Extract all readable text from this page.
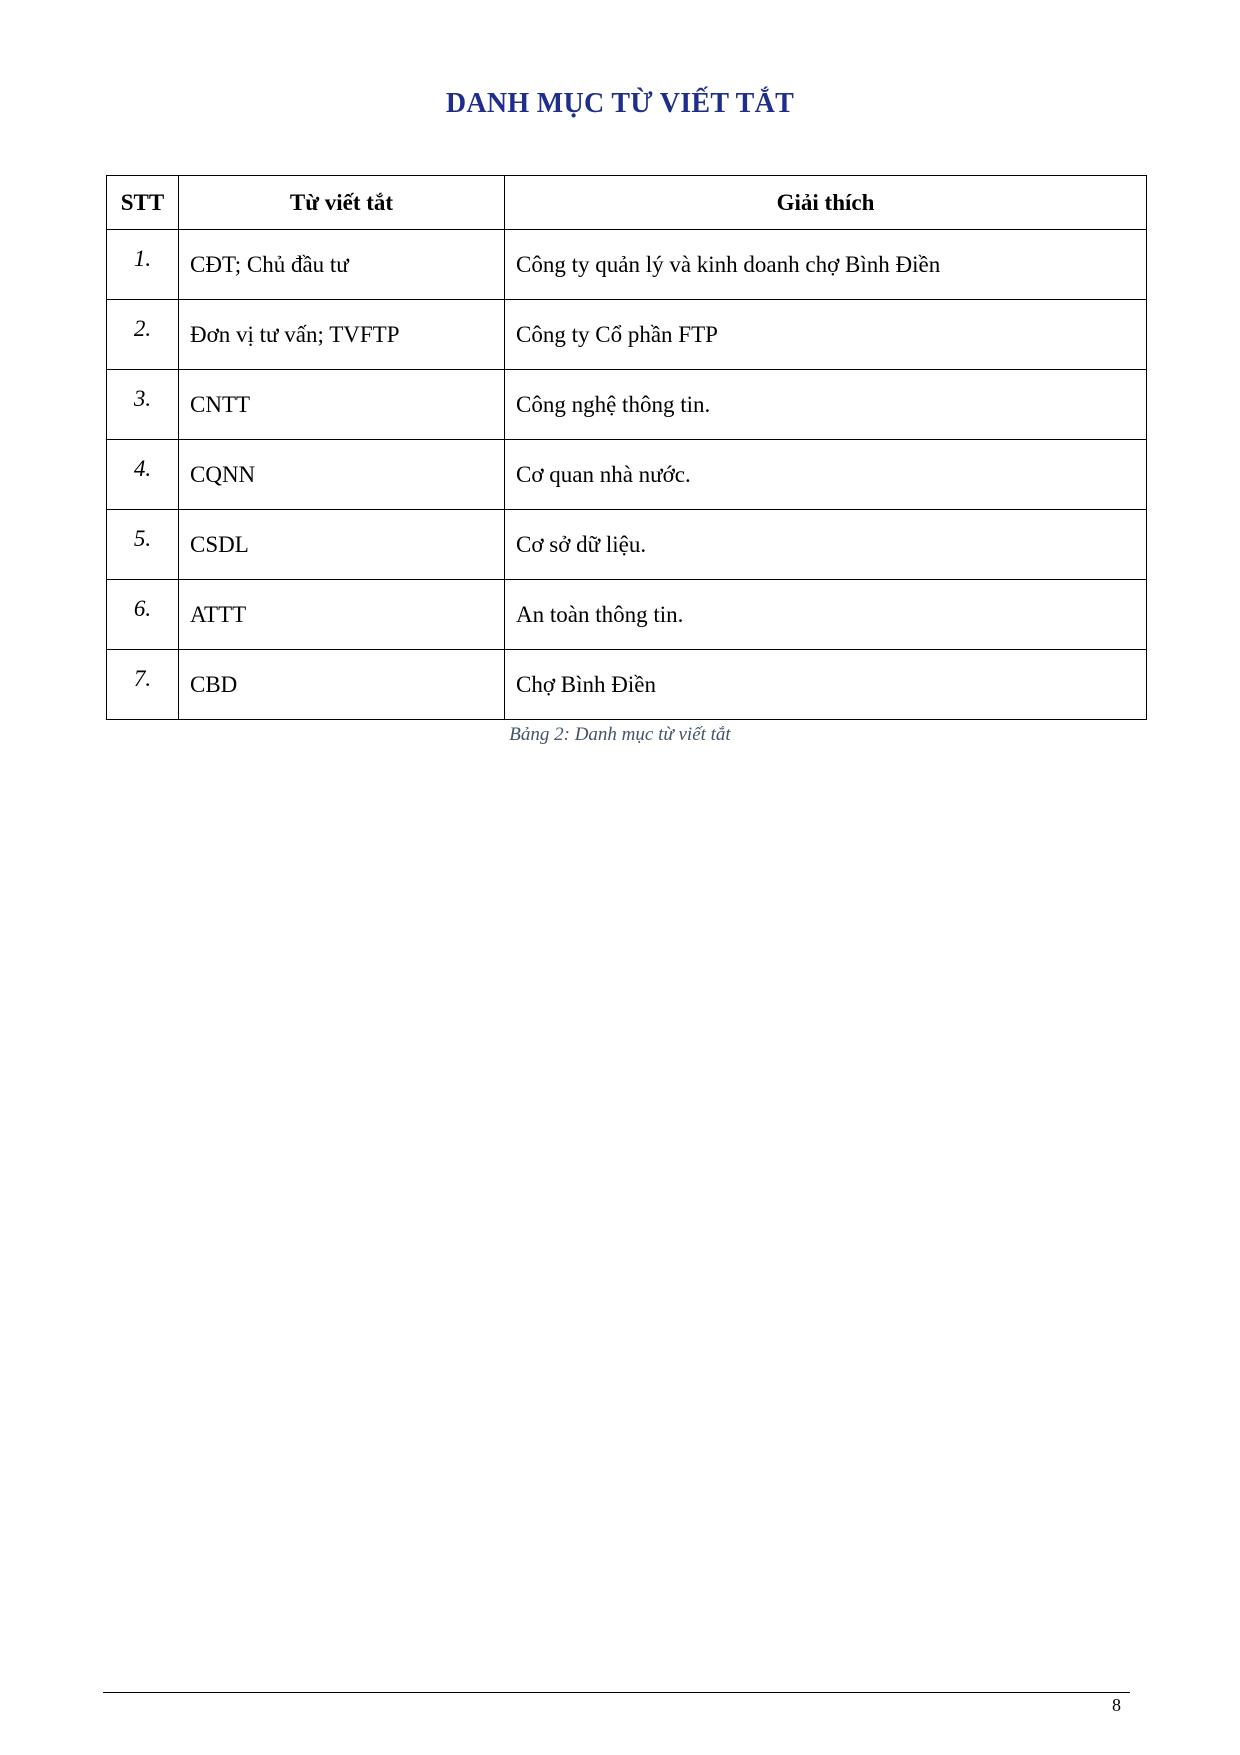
DANH MỤC TỪ VIẾT TẮT
STT	Từ viết tắt	Giải thích
1.	CĐT; Chủ đầu tư	Công ty quản lý và kinh doanh chợ Bình Điền
2.	Đơn vị tư vấn; TVFTP	Công ty Cổ phần FTP
3.	CNTT	Công nghệ thông tin.
4.	CQNN	Cơ quan nhà nước.
5.	CSDL	Cơ sở dữ liệu.
6.	ATTT	An toàn thông tin.
7.	CBD	Chợ Bình Điền
Bảng 2: Danh mục từ viết tắt
8
